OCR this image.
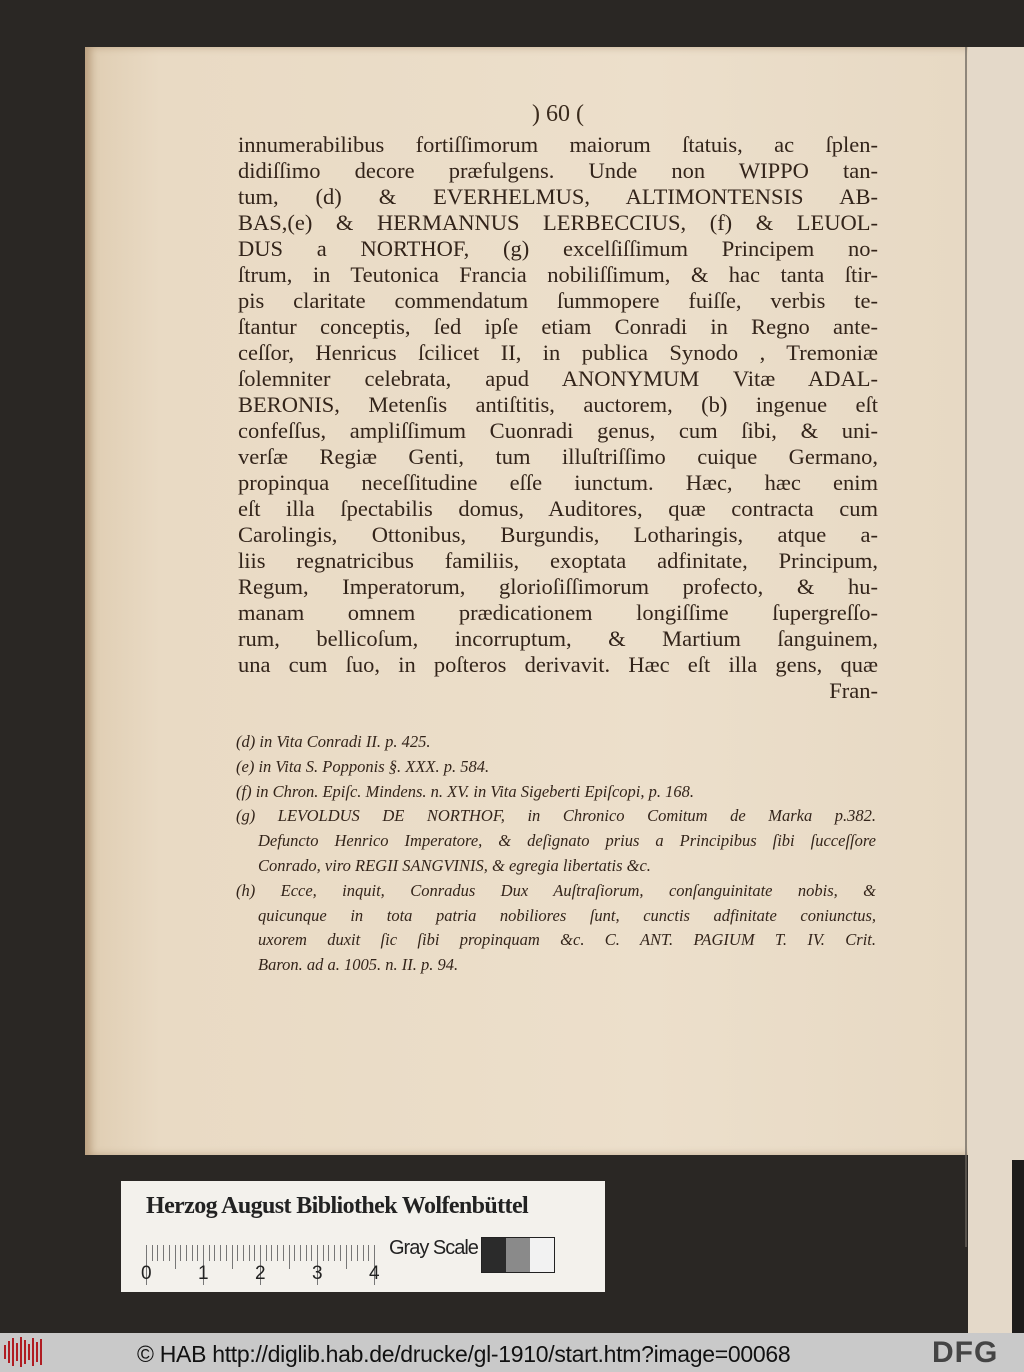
) 60 (
innumerabilibus fortiſſimorum maiorum ſtatuis, ac ſplen-
didiſſimo decore præfulgens. Unde non WIPPO tan-
tum, (d) & EVERHELMUS, ALTIMONTENSIS AB-
BAS,(e) & HERMANNUS LERBECCIUS, (f) & LEUOL-
DUS a NORTHOF, (g) excelſiſſimum Principem no-
ſtrum, in Teutonica Francia nobiliſſimum, & hac tanta ſtir-
pis claritate commendatum ſummopere fuiſſe, verbis te-
ſtantur conceptis, ſed ipſe etiam Conradi in Regno ante-
ceſſor, Henricus ſcilicet II, in publica Synodo , Tremoniæ
ſolemniter celebrata, apud ANONYMUM Vitæ ADAL-
BERONIS, Metenſis antiſtitis, auctorem, (b) ingenue eſt
confeſſus, ampliſſimum Cuonradi genus, cum ſibi, & uni-
verſæ Regiæ Genti, tum illuſtriſſimo cuique Germano,
propinqua neceſſitudine eſſe iunctum. Hæc, hæc enim
eſt illa ſpectabilis domus, Auditores, quæ contracta cum
Carolingis, Ottonibus, Burgundis, Lotharingis, atque a-
liis regnatricibus familiis, exoptata adfinitate, Principum,
Regum, Imperatorum, glorioſiſſimorum profecto, & hu-
manam omnem prædicationem longiſſime ſupergreſſo-
rum, bellicoſum, incorruptum, & Martium ſanguinem,
una cum ſuo, in poſteros derivavit. Hæc eſt illa gens, quæ
Fran-
(d) in Vita Conradi II. p. 425.
(e) in Vita S. Popponis §. XXX. p. 584.
(f) in Chron. Epiſc. Mindens. n. XV. in Vita Sigeberti Epiſcopi, p. 168.
(g) LEVOLDUS DE NORTHOF, in Chronico Comitum de Marka p.382.
Defuncto Henrico Imperatore, & deſignato prius a Principibus ſibi ſucceſſore
Conrado, viro REGII SANGVINIS, & egregia libertatis &c.
(h) Ecce, inquit, Conradus Dux Auſtraſiorum, conſanguinitate nobis, &
quicunque in tota patria nobiliores ſunt, cunctis adfinitate coniunctus,
uxorem duxit ſic ſibi propinquam &c. C. ANT. PAGIUM T. IV. Crit.
Baron. ad a. 1005. n. II. p. 94.
Herzog August Bibliothek Wolfenbüttel
0 1 2 3 4
Gray Scale
© HAB http://diglib.hab.de/drucke/gl-1910/start.htm?image=00068	DFG
